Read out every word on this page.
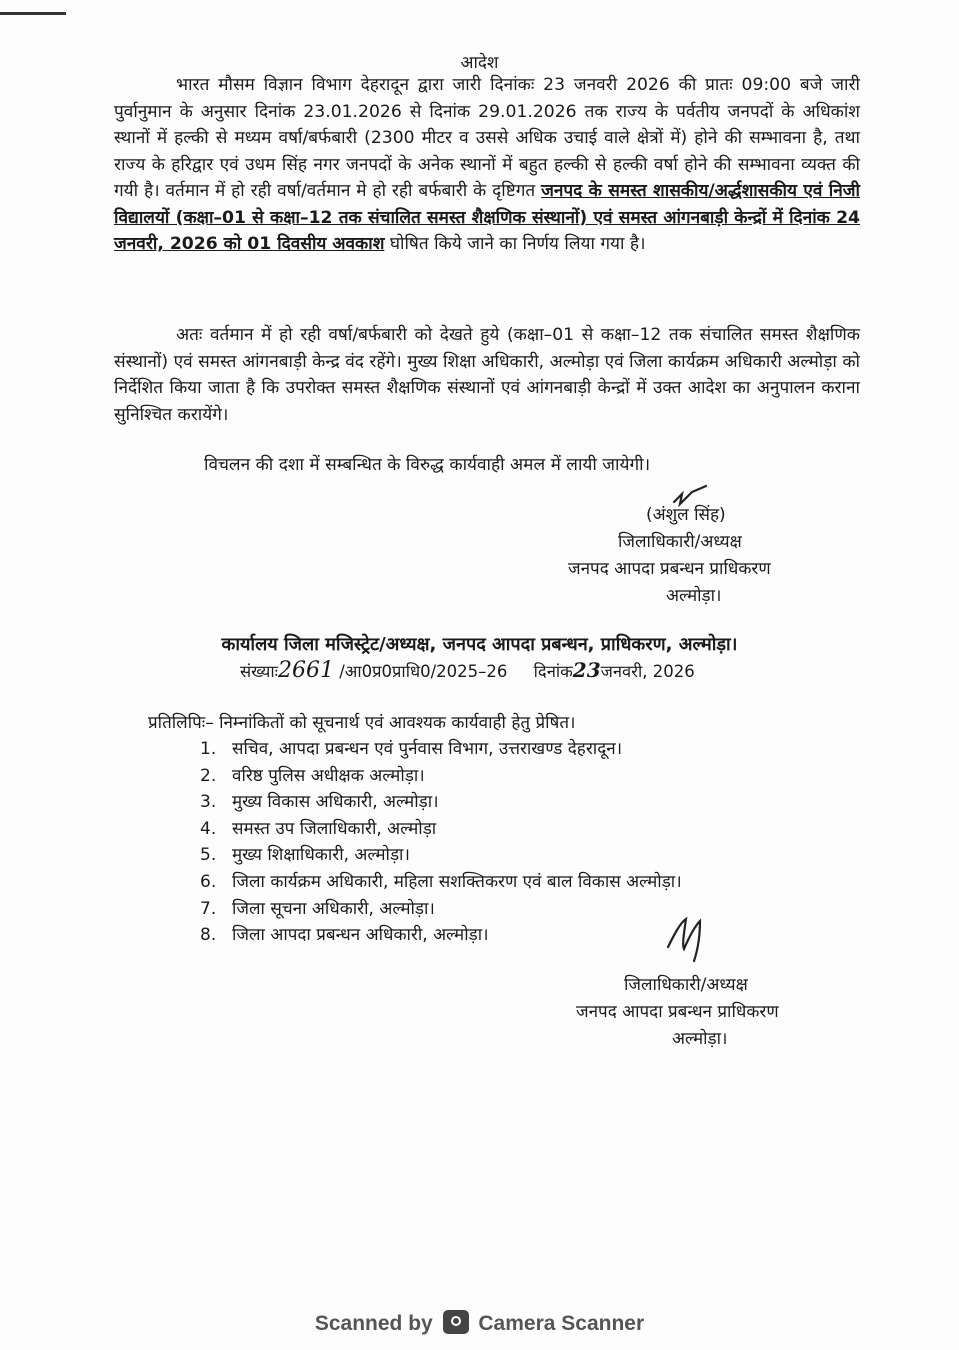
आदेश
भारत मौसम विज्ञान विभाग देहरादून द्वारा जारी दिनांकः 23 जनवरी 2026 की प्रातः 09:00 बजे जारी पुर्वानुमान के अनुसार दिनांक 23.01.2026 से दिनांक 29.01.2026 तक राज्य के पर्वतीय जनपदों के अधिकांश स्थानों में हल्की से मध्यम वर्षा/बर्फबारी (2300 मीटर व उससे अधिक उचाई वाले क्षेत्रों में) होने की सम्भावना है, तथा राज्य के हरिद्वार एवं उधम सिंह नगर जनपदों के अनेक स्थानों में बहुत हल्की से हल्की वर्षा होने की सम्भावना व्यक्त की गयी है। वर्तमान में हो रही वर्षा/वर्तमान मे हो रही बर्फबारी के दृष्टिगत जनपद के समस्त शासकीय/अर्द्धशासकीय एवं निजी विद्यालयों (कक्षा–01 से कक्षा–12 तक संचालित समस्त शैक्षणिक संस्थानों) एवं समस्त आंगनबाड़ी केन्द्रों में दिनांक 24 जनवरी, 2026 को 01 दिवसीय अवकाश घोषित किये जाने का निर्णय लिया गया है।
अतः वर्तमान में हो रही वर्षा/बर्फबारी को देखते हुये (कक्षा–01 से कक्षा–12 तक संचालित समस्त शैक्षणिक संस्थानों) एवं समस्त आंगनबाड़ी केन्द्र वंद रहेंगे। मुख्य शिक्षा अधिकारी, अल्मोड़ा एवं जिला कार्यक्रम अधिकारी अल्मोड़ा को निर्देशित किया जाता है कि उपरोक्त समस्त शैक्षणिक संस्थानों एवं आंगनबाड़ी केन्द्रों में उक्त आदेश का अनुपालन कराना सुनिश्चित करायेंगे।
विचलन की दशा में सम्बन्धित के विरुद्ध कार्यवाही अमल में लायी जायेगी।
(अंशुल सिंह)
जिलाधिकारी/अध्यक्ष
जनपद आपदा प्रबन्धन प्राधिकरण
अल्मोड़ा।
कार्यालय जिला मजिस्ट्रेट/अध्यक्ष, जनपद आपदा प्रबन्धन, प्राधिकरण, अल्मोड़ा।
संख्याः2661 /आ0प्र0प्राधि0/2025–26 दिनांक23जनवरी, 2026
प्रतिलिपिः– निम्नांकितों को सूचनार्थ एवं आवश्यक कार्यवाही हेतु प्रेषित।
1. सचिव, आपदा प्रबन्धन एवं पुर्नवास विभाग, उत्तराखण्ड देहरादून।
2. वरिष्ठ पुलिस अधीक्षक अल्मोड़ा।
3. मुख्य विकास अधिकारी, अल्मोड़ा।
4. समस्त उप जिलाधिकारी, अल्मोड़ा
5. मुख्य शिक्षाधिकारी, अल्मोड़ा।
6. जिला कार्यक्रम अधिकारी, महिला सशक्तिकरण एवं बाल विकास अल्मोड़ा।
7. जिला सूचना अधिकारी, अल्मोड़ा।
8. जिला आपदा प्रबन्धन अधिकारी, अल्मोड़ा।
जिलाधिकारी/अध्यक्ष
जनपद आपदा प्रबन्धन प्राधिकरण
अल्मोड़ा।
Scanned by Camera Scanner
